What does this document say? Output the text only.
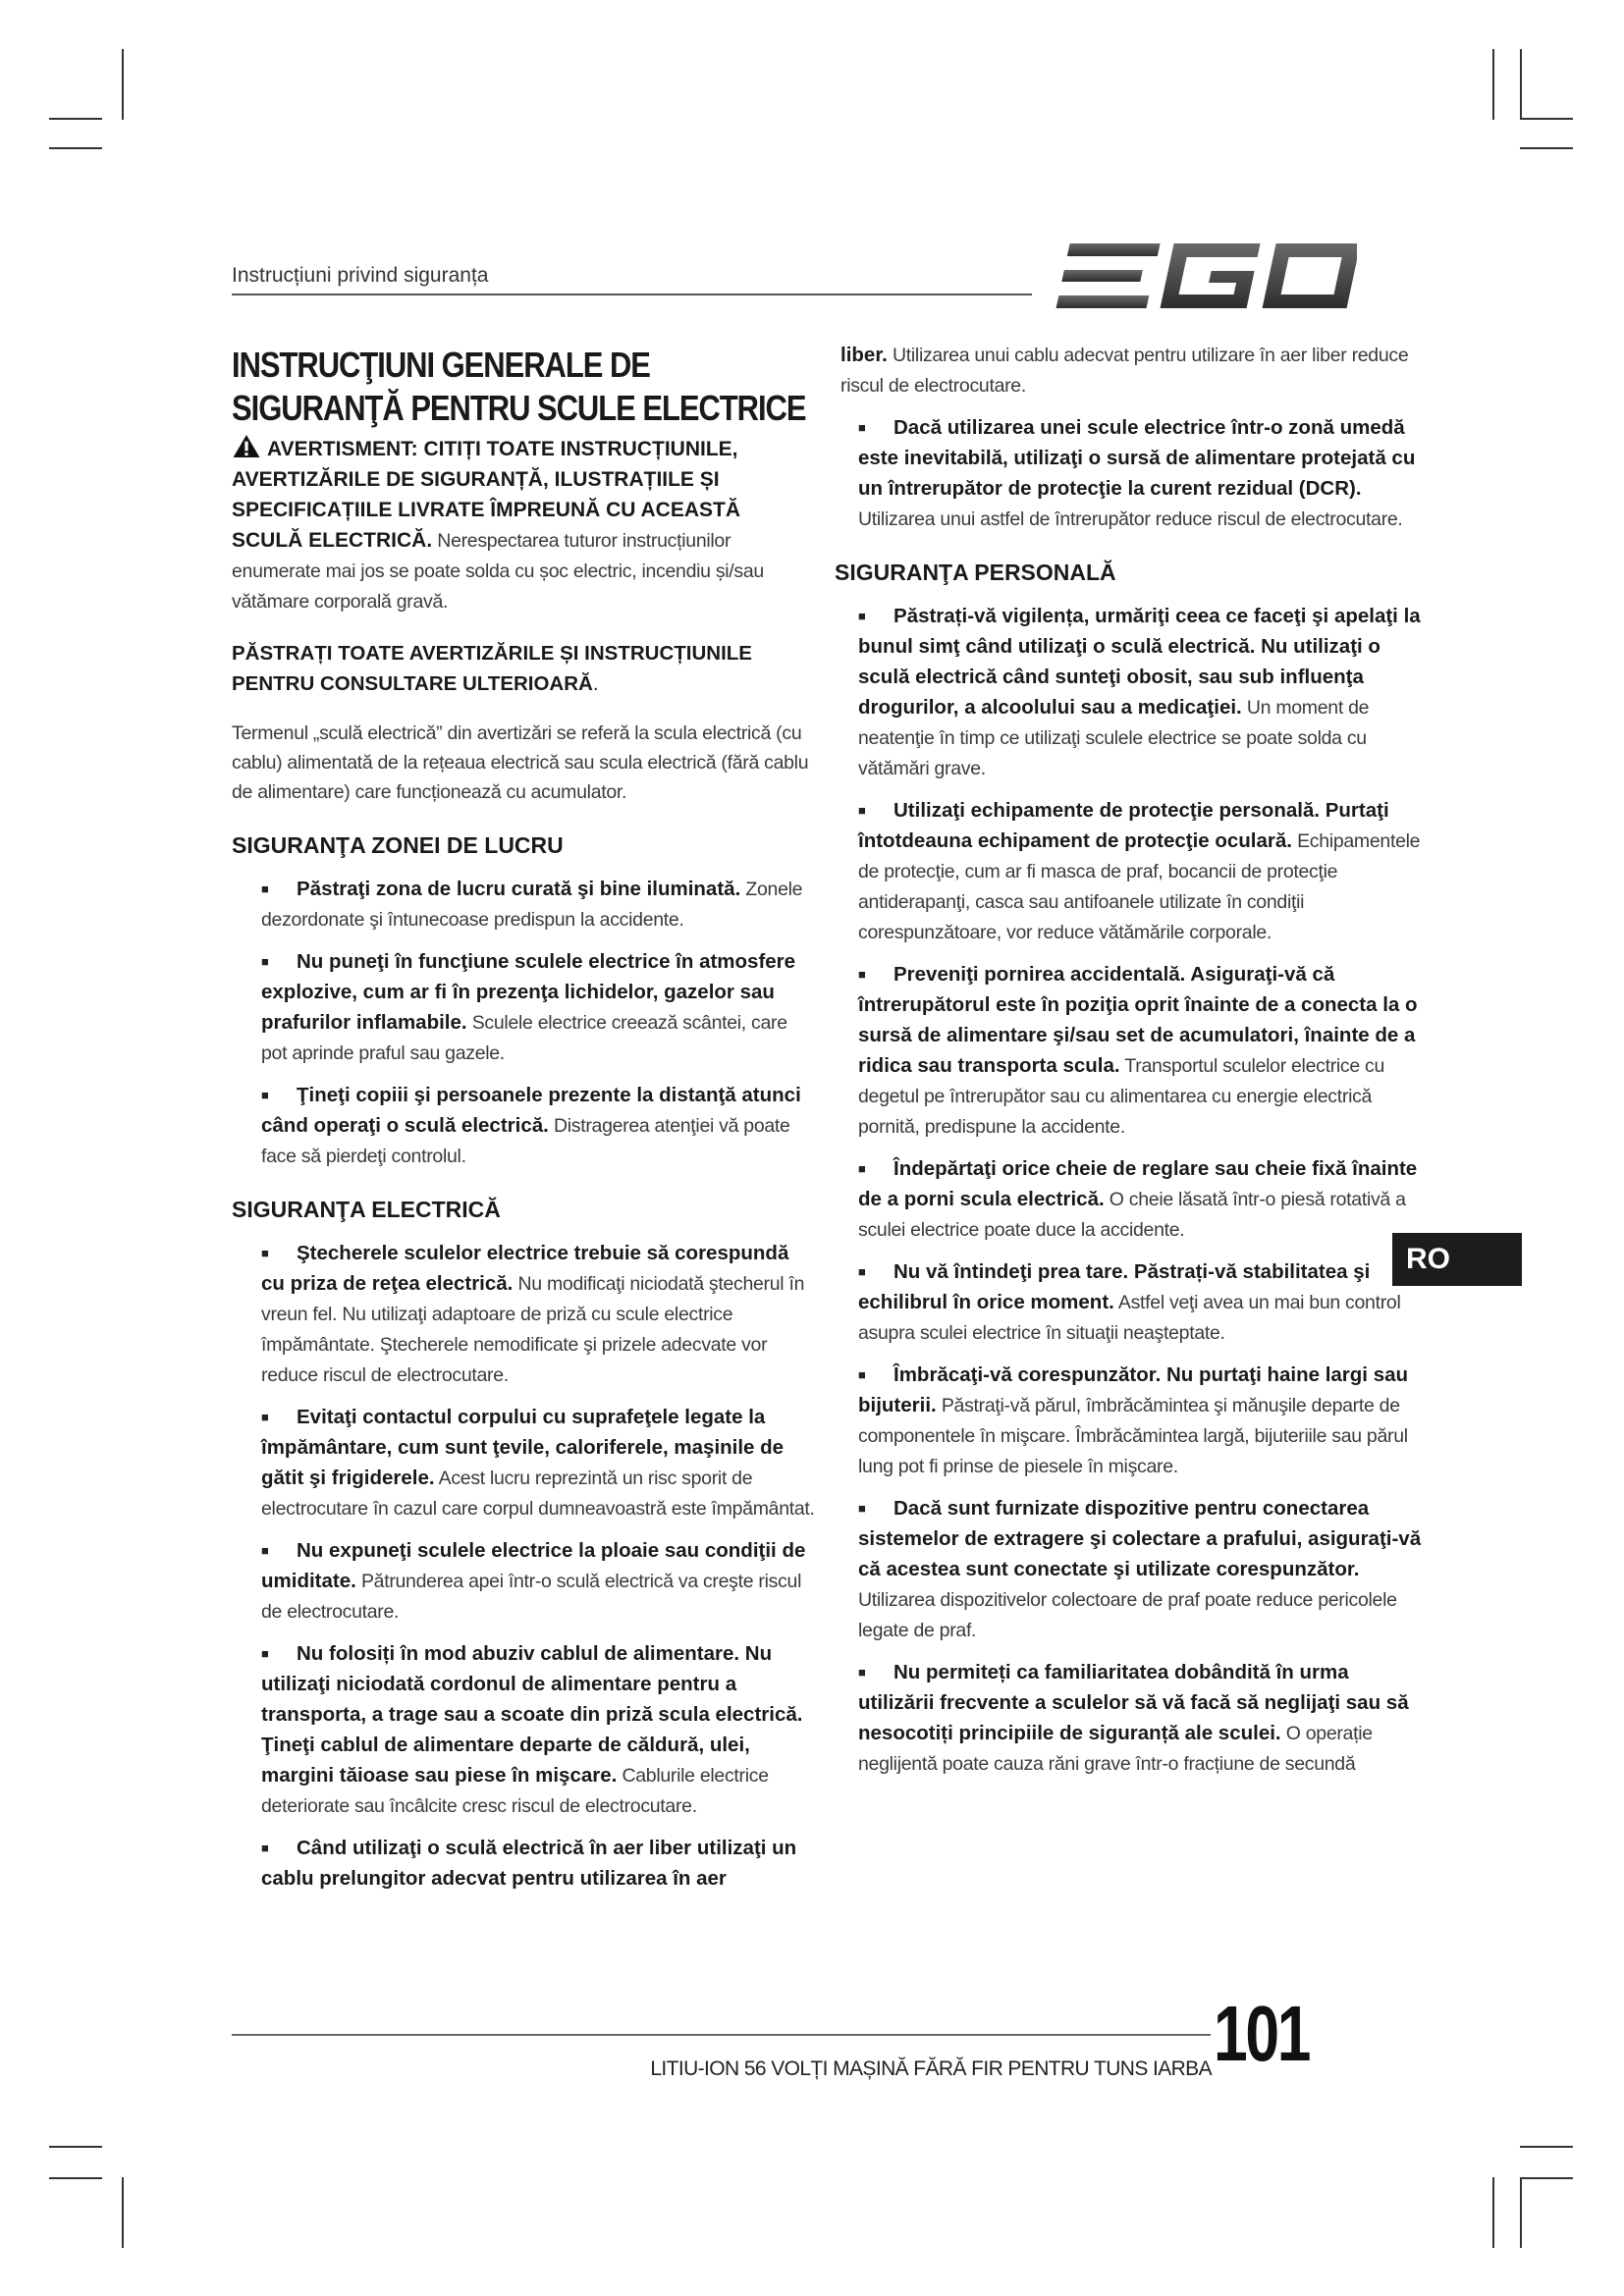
Instrucțiuni privind siguranța
INSTRUCŢIUNI GENERALE DE SIGURANŢĂ PENTRU SCULE ELECTRICE

AVERTISMENT: CITIȚI TOATE INSTRUCȚIUNILE, AVERTIZĂRILE DE SIGURANȚĂ, ILUSTRAȚIILE ȘI SPECIFICAȚIILE LIVRATE ÎMPREUNĂ CU ACEASTĂ SCULĂ ELECTRICĂ. Nerespectarea tuturor instrucțiunilor enumerate mai jos se poate solda cu șoc electric, incendiu și/sau vătămare corporală gravă.

PĂSTRAȚI TOATE AVERTIZĂRILE ȘI INSTRUCȚIUNILE PENTRU CONSULTARE ULTERIOARĂ.

Termenul „sculă electrică” din avertizări se referă la scula electrică (cu cablu) alimentată de la rețeaua electrică sau scula electrică (fără cablu de alimentare) care funcționează cu acumulator.

SIGURANŢA ZONEI DE LUCRU

■ Păstraţi zona de lucru curată şi bine iluminată. Zonele dezordonate şi întunecoase predispun la accidente.

■ Nu puneţi în funcţiune sculele electrice în atmosfere explozive, cum ar fi în prezenţa lichidelor, gazelor sau prafurilor inflamabile. Sculele electrice creează scântei, care pot aprinde praful sau gazele.

■ Ţineţi copiii şi persoanele prezente la distanţă atunci când operaţi o sculă electrică. Distragerea atenţiei vă poate face să pierdeţi controlul.

SIGURANŢA ELECTRICĂ

■ Ştecherele sculelor electrice trebuie să corespundă cu priza de reţea electrică. Nu modificaţi niciodată ştecherul în vreun fel. Nu utilizaţi adaptoare de priză cu scule electrice împământate. Ştecherele nemodificate şi prizele adecvate vor reduce riscul de electrocutare.

■ Evitaţi contactul corpului cu suprafeţele legate la împământare, cum sunt ţevile, caloriferele, maşinile de gătit şi frigiderele. Acest lucru reprezintă un risc sporit de electrocutare în cazul care corpul dumneavoastră este împământat.

■ Nu expuneţi sculele electrice la ploaie sau condiţii de umiditate. Pătrunderea apei într-o sculă electrică va creşte riscul de electrocutare.

■ Nu folosiți în mod abuziv cablul de alimentare. Nu utilizaţi niciodată cordonul de alimentare pentru a transporta, a trage sau a scoate din priză scula electrică. Ţineţi cablul de alimentare departe de căldură, ulei, margini tăioase sau piese în mişcare. Cablurile electrice deteriorate sau încâlcite cresc riscul de electrocutare.

■ Când utilizaţi o sculă electrică în aer liber utilizaţi un cablu prelungitor adecvat pentru utilizarea în aer

liber. Utilizarea unui cablu adecvat pentru utilizare în aer liber reduce riscul de electrocutare.

■ Dacă utilizarea unei scule electrice într-o zonă umedă este inevitabilă, utilizaţi o sursă de alimentare protejată cu un întrerupător de protecţie la curent rezidual (DCR). Utilizarea unui astfel de întrerupător reduce riscul de electrocutare.

SIGURANŢA PERSONALĂ

■ Păstrați-vă vigilența, urmăriţi ceea ce faceţi şi apelaţi la bunul simţ când utilizaţi o sculă electrică. Nu utilizaţi o sculă electrică când sunteţi obosit, sau sub influenţa drogurilor, a alcoolului sau a medicaţiei. Un moment de neatenţie în timp ce utilizaţi sculele electrice se poate solda cu vătămări grave.

■ Utilizaţi echipamente de protecţie personală. Purtaţi întotdeauna echipament de protecţie oculară. Echipamentele de protecţie, cum ar fi masca de praf, bocancii de protecţie antiderapanţi, casca sau antifoanele utilizate în condiţii corespunzătoare, vor reduce vătămările corporale.

■ Preveniţi pornirea accidentală. Asiguraţi-vă că întrerupătorul este în poziţia oprit înainte de a conecta la o sursă de alimentare şi/sau set de acumulatori, înainte de a ridica sau transporta scula. Transportul sculelor electrice cu degetul pe întrerupător sau cu alimentarea cu energie electrică pornită, predispune la accidente.

■ Îndepărtaţi orice cheie de reglare sau cheie fixă înainte de a porni scula electrică. O cheie lăsată într-o piesă rotativă a sculei electrice poate duce la accidente.

■ Nu vă întindeţi prea tare. Păstrați-vă stabilitatea şi echilibrul în orice moment. Astfel veţi avea un mai bun control asupra sculei electrice în situaţii neaşteptate.

■ Îmbrăcaţi-vă corespunzător. Nu purtaţi haine largi sau bijuterii. Păstraţi-vă părul, îmbrăcămintea şi mănuşile departe de componentele în mişcare. Îmbrăcămintea largă, bijuteriile sau părul lung pot fi prinse de piesele în mişcare.

■ Dacă sunt furnizate dispozitive pentru conectarea sistemelor de extragere şi colectare a prafului, asiguraţi-vă că acestea sunt conectate şi utilizate corespunzător. Utilizarea dispozitivelor colectoare de praf poate reduce pericolele legate de praf.

■ Nu permiteți ca familiaritatea dobândită în urma utilizării frecvente a sculelor să vă facă să neglijaţi sau să nesocotiți principiile de siguranță ale sculei. O operație neglijentă poate cauza răni grave într-o fracțiune de secundă

RO
LITIU-ION 56 VOLȚI MAȘINĂ FĂRĂ FIR PENTRU TUNS IARBA 101
